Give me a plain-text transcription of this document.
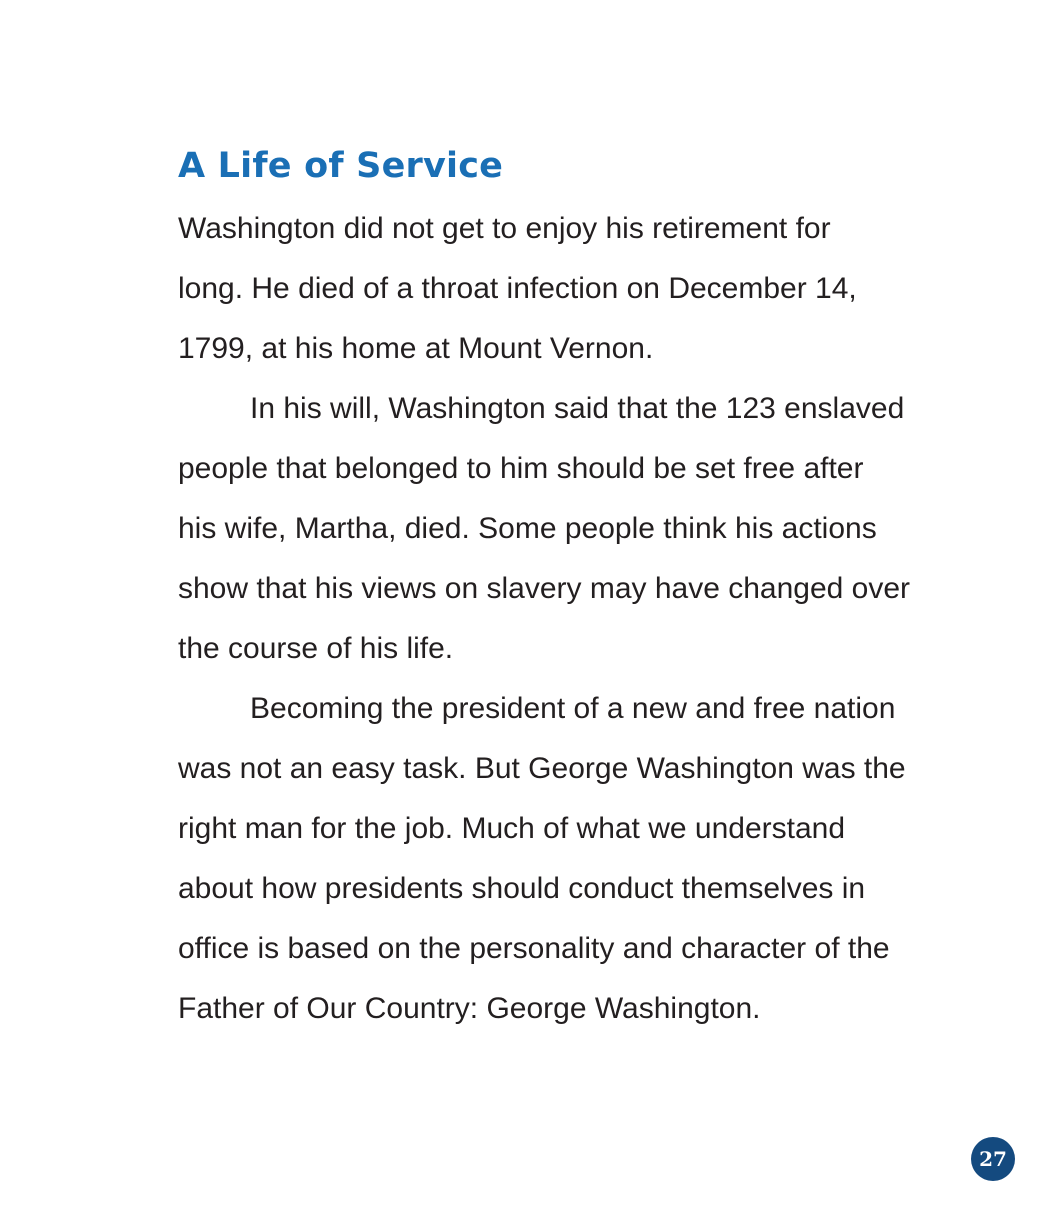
A Life of Service
Washington did not get to enjoy his retirement for
long. He died of a throat infection on December 14,
1799, at his home at Mount Vernon.
In his will, Washington said that the 123 enslaved
people that belonged to him should be set free after
his wife, Martha, died. Some people think his actions
show that his views on slavery may have changed over
the course of his life.
Becoming the president of a new and free nation
was not an easy task. But George Washington was the
right man for the job. Much of what we understand
about how presidents should conduct themselves in
office is based on the personality and character of the
Father of Our Country: George Washington.
27
